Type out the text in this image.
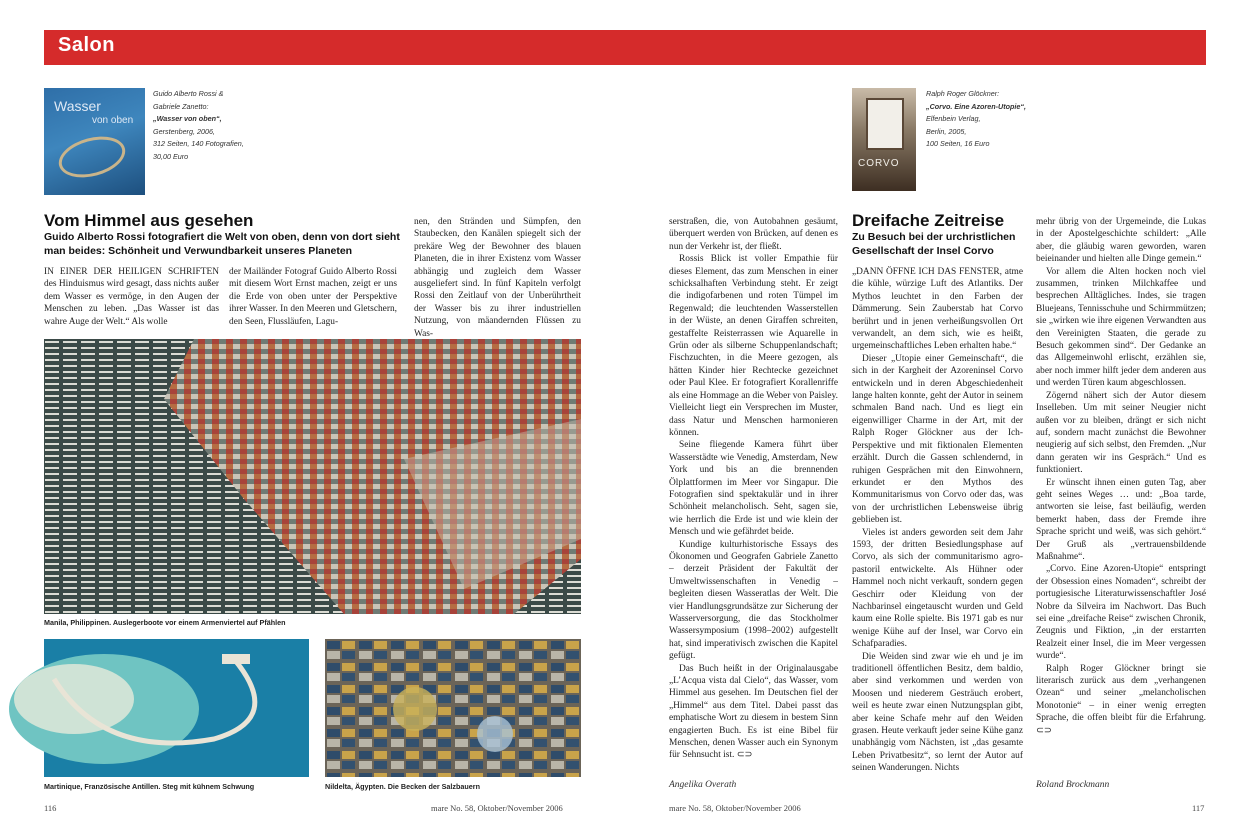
Salon
Wasser
von oben
Guido Alberto Rossi &
Gabriele Zanetto:
„Wasser von oben“,
Gerstenberg, 2006,
312 Seiten, 140 Fotografien,
30,00 Euro
CORVO
Ralph Roger Glöckner:
„Corvo. Eine Azoren-Utopie“,
Elfenbein Verlag,
Berlin, 2005,
100 Seiten, 16 Euro
Vom Himmel aus gesehen
Guido Alberto Rossi fotografiert die Welt von oben, denn von dort sieht man beides: Schönheit und Verwundbarkeit unseres Planeten

IN EINER DER HEILIGEN SCHRIFTEN des Hinduismus wird gesagt, dass nichts außer dem Wasser es vermöge, in den Augen der Menschen zu leben. „Das Wasser ist das wahre Auge der Welt.“ Als wolle

der Mailänder Fotograf Guido Alberto Rossi mit diesem Wort Ernst machen, zeigt er uns die Erde von oben unter der Perspektive ihrer Wasser. In den Meeren und Gletschern, den Seen, Flussläufen, Lagu-

nen, den Stränden und Sümpfen, den Staubecken, den Kanälen spiegelt sich der prekäre Weg der Bewohner des blauen Planeten, die in ihrer Existenz vom Wasser abhängig und zugleich dem Wasser ausgeliefert sind. In fünf Kapiteln verfolgt Rossi den Zeitlauf von der Unberührtheit der Wasser bis zu ihrer industriellen Nutzung, von mäandernden Flüssen zu Was-

Manila, Philippinen. Auslegerboote vor einem Armenviertel auf Pfählen
Martinique, Französische Antillen. Steg mit kühnem Schwung	Nildelta, Ägypten. Die Becken der Salzbauern

serstraßen, die, von Autobahnen gesäumt, überquert werden von Brücken, auf denen es nun der Verkehr ist, der fließt.

Rossis Blick ist voller Empathie für dieses Element, das zum Menschen in einer schicksalhaften Verbindung steht. Er zeigt die indigofarbenen und roten Tümpel im Regenwald; die leuchtenden Wasserstellen in der Wüste, an denen Giraffen schreiten, gestaffelte Reisterrassen wie Aquarelle in Grün oder als silberne Schuppenlandschaft; Fischzuchten, in die Meere gezogen, als hätten Kinder hier Rechtecke gezeichnet oder Paul Klee. Er fotografiert Korallenriffe als eine Hommage an die Weber von Paisley. Vielleicht liegt ein Versprechen im Muster, dass Natur und Menschen harmonieren können.

Seine fliegende Kamera führt über Wasserstädte wie Venedig, Amsterdam, New York und bis an die brennenden Ölplattformen im Meer vor Singapur. Die Fotografien sind spektakulär und in ihrer Schönheit melancholisch. Seht, sagen sie, wie herrlich die Erde ist und wie klein der Mensch und wie gefährdet beide.

Kundige kulturhistorische Essays des Ökonomen und Geografen Gabriele Zanetto – derzeit Präsident der Fakultät der Umweltwissenschaften in Venedig – begleiten diesen Wasseratlas der Welt. Die vier Handlungsgrundsätze zur Sicherung der Wasserversorgung, die das Stockholmer Wassersymposium (1998–2002) aufgestellt hat, sind imperativisch zwischen die Kapitel gefügt.

Das Buch heißt in der Originalausgabe „L’Acqua vista dal Cielo“, das Wasser, vom Himmel aus gesehen. Im Deutschen fiel der „Himmel“ aus dem Titel. Dabei passt das emphatische Wort zu diesem in bestem Sinn engagierten Buch. Es ist eine Bibel für Menschen, denen Wasser auch ein Synonym für Sehnsucht ist. ⊂⊃

Angelika Overath
Dreifache Zeitreise
Zu Besuch bei der urchristlichen Gesellschaft der Insel Corvo

„DANN ÖFFNE ICH DAS FENSTER, atme die kühle, würzige Luft des Atlantiks. Der Mythos leuchtet in den Farben der Dämmerung. Sein Zauberstab hat Corvo berührt und in jenen verheißungsvollen Ort verwandelt, an dem sich, wie es heißt, urgemeinschaftliches Leben erhalten habe.“

Dieser „Utopie einer Gemeinschaft“, die sich in der Kargheit der Azoreninsel Corvo entwickeln und in deren Abgeschiedenheit lange halten konnte, geht der Autor in seinem schmalen Band nach. Und es liegt ein eigenwilliger Charme in der Art, mit der Ralph Roger Glöckner aus der Ich-Perspektive und mit fiktionalen Elementen erzählt. Durch die Gassen schlendernd, in ruhigen Gesprächen mit den Einwohnern, erkundet er den Mythos des Kommunitarismus von Corvo oder das, was von der urchristlichen Lebensweise übrig geblieben ist.

Vieles ist anders geworden seit dem Jahr 1593, der dritten Besiedlungsphase auf Corvo, als sich der communitarismo agro-pastoril entwickelte. Als Hühner oder Hammel noch nicht verkauft, sondern gegen Geschirr oder Kleidung von der Nachbarinsel eingetauscht wurden und Geld kaum eine Rolle spielte. Bis 1971 gab es nur wenige Kühe auf der Insel, war Corvo ein Schafparadies.

Die Weiden sind zwar wie eh und je im traditionell öffentlichen Besitz, dem baldio, aber sind verkommen und werden von Moosen und niederem Gesträuch erobert, weil es heute zwar einen Nutzungsplan gibt, aber keine Schafe mehr auf den Weiden grasen. Heute verkauft jeder seine Kühe ganz unabhängig vom Nächsten, ist „das gesamte Leben Privatbesitz“, so lernt der Autor auf seinen Wanderungen. Nichts

mehr übrig von der Urgemeinde, die Lukas in der Apostelgeschichte schildert: „Alle aber, die gläubig waren geworden, waren beieinander und hielten alle Dinge gemein.“

Vor allem die Alten hocken noch viel zusammen, trinken Milchkaffee und besprechen Alltägliches. Indes, sie tragen Bluejeans, Tennisschuhe und Schirmmützen; sie „wirken wie ihre eigenen Verwandten aus den Vereinigten Staaten, die gerade zu Besuch gekommen sind“. Der Gedanke an das Allgemeinwohl erlischt, erzählen sie, aber noch immer hilft jeder dem anderen aus und werden Türen kaum abgeschlossen.

Zögernd nähert sich der Autor diesem Inselleben. Um mit seiner Neugier nicht außen vor zu bleiben, drängt er sich nicht auf, sondern macht zunächst die Bewohner neugierig auf sich selbst, den Fremden. „Nur dann geraten wir ins Gespräch.“ Und es funktioniert.

Er wünscht ihnen einen guten Tag, aber geht seines Weges … und: „Boa tarde, antworten sie leise, fast beiläufig, werden bemerkt haben, dass der Fremde ihre Sprache spricht und weiß, was sich gehört.“ Der Gruß als „vertrauensbildende Maßnahme“.

„Corvo. Eine Azoren-Utopie“ entspringt der Obsession eines Nomaden“, schreibt der portugiesische Literaturwissenschaftler José Nobre da Silveira im Nachwort. Das Buch sei eine „dreifache Reise“ zwischen Chronik, Zeugnis und Fiktion, „in der erstarrten Realzeit einer Insel, die im Meer vergessen wurde“.

Ralph Roger Glöckner bringt sie literarisch zurück aus dem „verhangenen Ozean“ und seiner „melancholischen Monotonie“ – in einer wenig erregten Sprache, die offen bleibt für die Erfahrung. ⊂⊃

Roland Brockmann
116	mare No. 58, Oktober/November 2006	mare No. 58, Oktober/November 2006	117
